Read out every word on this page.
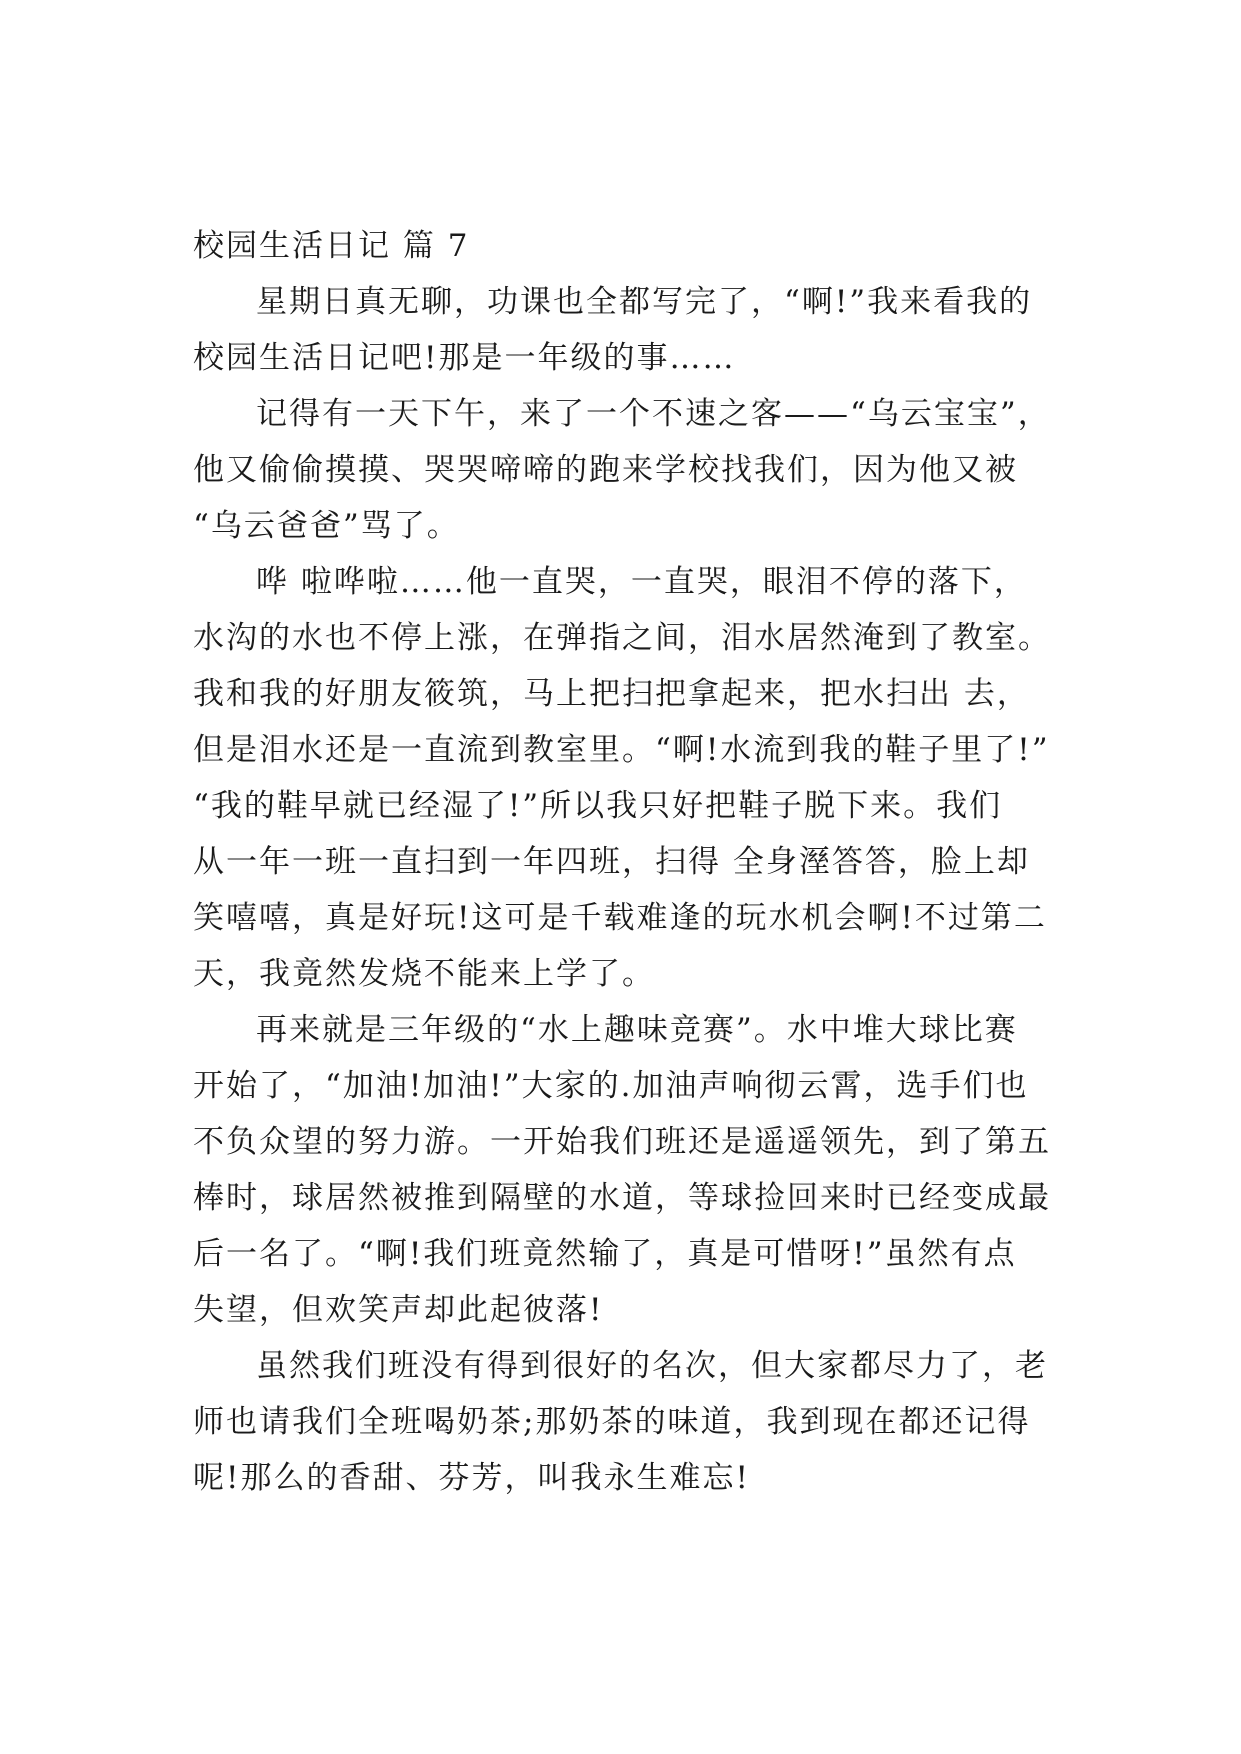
校园生活日记 篇 7
星期日真无聊，功课也全都写完了，“啊!”我来看我的
校园生活日记吧!那是一年级的事……
记得有一天下午，来了一个不速之客——“乌云宝宝”，
他又偷偷摸摸、哭哭啼啼的跑来学校找我们，因为他又被
“乌云爸爸”骂了。
哗 啦哗啦……他一直哭，一直哭，眼泪不停的落下，
水沟的水也不停上涨，在弹指之间，泪水居然淹到了教室。
我和我的好朋友筱筑，马上把扫把拿起来，把水扫出 去，
但是泪水还是一直流到教室里。“啊!水流到我的鞋子里了!”
“我的鞋早就已经湿了!”所以我只好把鞋子脱下来。我们
从一年一班一直扫到一年四班，扫得 全身溼答答，脸上却
笑嘻嘻，真是好玩!这可是千载难逢的玩水机会啊!不过第二
天，我竟然发烧不能来上学了。
再来就是三年级的“水上趣味竞赛”。水中堆大球比赛
开始了，“加油!加油!”大家的.加油声响彻云霄，选手们也
不负众望的努力游。一开始我们班还是遥遥领先，到了第五
棒时，球居然被推到隔壁的水道，等球捡回来时已经变成最
后一名了。“啊!我们班竟然输了，真是可惜呀!”虽然有点
失望，但欢笑声却此起彼落!
虽然我们班没有得到很好的名次，但大家都尽力了，老
师也请我们全班喝奶茶;那奶茶的味道，我到现在都还记得
呢!那么的香甜、芬芳，叫我永生难忘!
